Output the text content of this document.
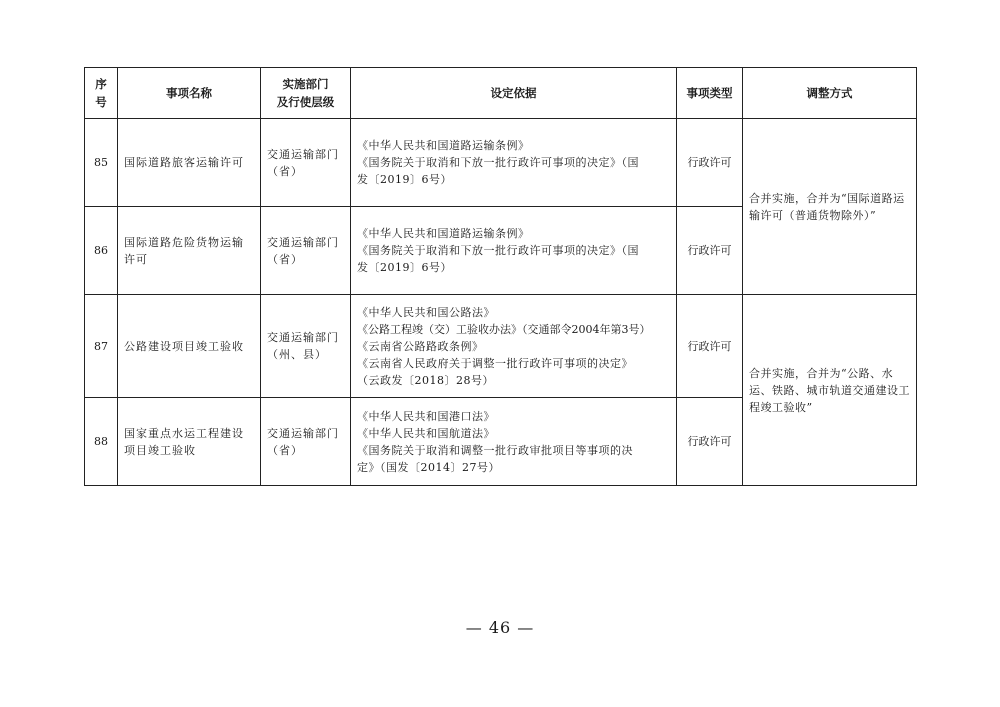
序
号	事项名称	实施部门
及行使层级	设定依据	事项类型	调整方式
85	国际道路旅客运输许可	交通运输部门（省）	《中华人民共和国道路运输条例》
《国务院关于取消和下放一批行政许可事项的决定》（国
发〔2019〕6号）	行政许可	合并实施，合并为“国际道路运输许可（普通货物除外）”
86	国际道路危险货物运输许可	交通运输部门（省）	《中华人民共和国道路运输条例》
《国务院关于取消和下放一批行政许可事项的决定》（国
发〔2019〕6号）	行政许可	
87	公路建设项目竣工验收	交通运输部门（州、县）	《中华人民共和国公路法》
《公路工程竣（交）工验收办法》（交通部令2004年第3号）
《云南省公路路政条例》
《云南省人民政府关于调整一批行政许可事项的决定》
（云政发〔2018〕28号）	行政许可	合并实施，合并为“公路、水运、铁路、城市轨道交通建设工程竣工验收”
88	国家重点水运工程建设项目竣工验收	交通运输部门（省）	《中华人民共和国港口法》
《中华人民共和国航道法》
《国务院关于取消和调整一批行政审批项目等事项的决
定》（国发〔2014〕27号）	行政许可	
— 46 —
